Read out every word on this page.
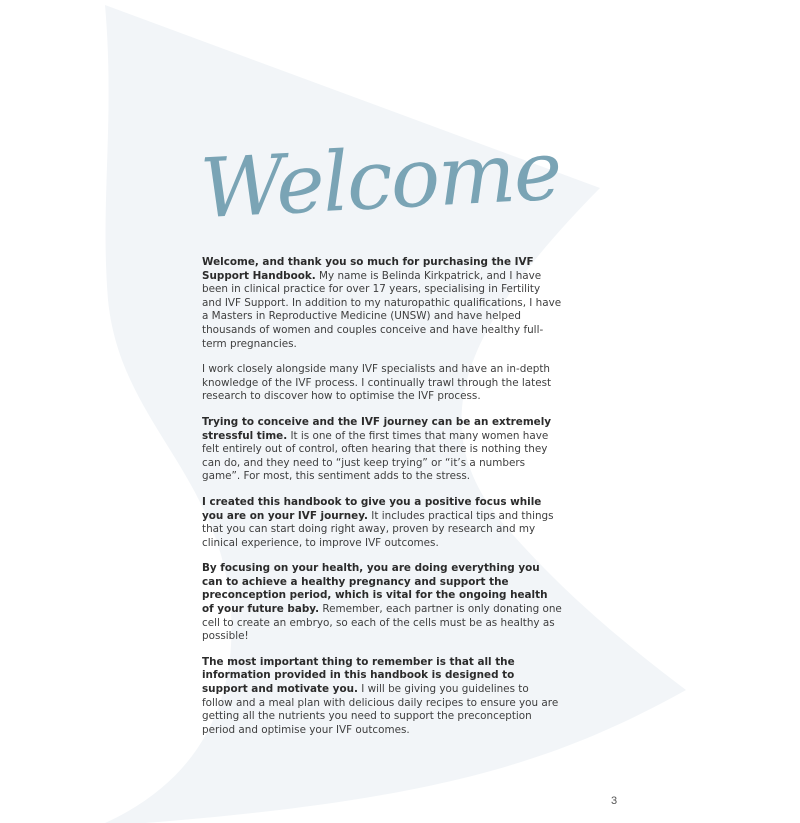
Welcome

Welcome, and thank you so much for purchasing the IVF Support Handbook. My name is Belinda Kirkpatrick, and I have been in clinical practice for over 17 years, specialising in Fertility and IVF Support. In addition to my naturopathic qualifications, I have a Masters in Reproductive Medicine (UNSW) and have helped thousands of women and couples conceive and have healthy full-term pregnancies.

I work closely alongside many IVF specialists and have an in-depth knowledge of the IVF process. I continually trawl through the latest research to discover how to optimise the IVF process.

Trying to conceive and the IVF journey can be an extremely stressful time. It is one of the first times that many women have felt entirely out of control, often hearing that there is nothing they can do, and they need to “just keep trying” or “it’s a numbers game”. For most, this sentiment adds to the stress.

I created this handbook to give you a positive focus while you are on your IVF journey. It includes practical tips and things that you can start doing right away, proven by research and my clinical experience, to improve IVF outcomes.

By focusing on your health, you are doing everything you can to achieve a healthy pregnancy and support the preconception period, which is vital for the ongoing health of your future baby. Remember, each partner is only donating one cell to create an embryo, so each of the cells must be as healthy as possible!

The most important thing to remember is that all the information provided in this handbook is designed to support and motivate you. I will be giving you guidelines to follow and a meal plan with delicious daily recipes to ensure you are getting all the nutrients you need to support the preconception period and optimise your IVF outcomes.

3
